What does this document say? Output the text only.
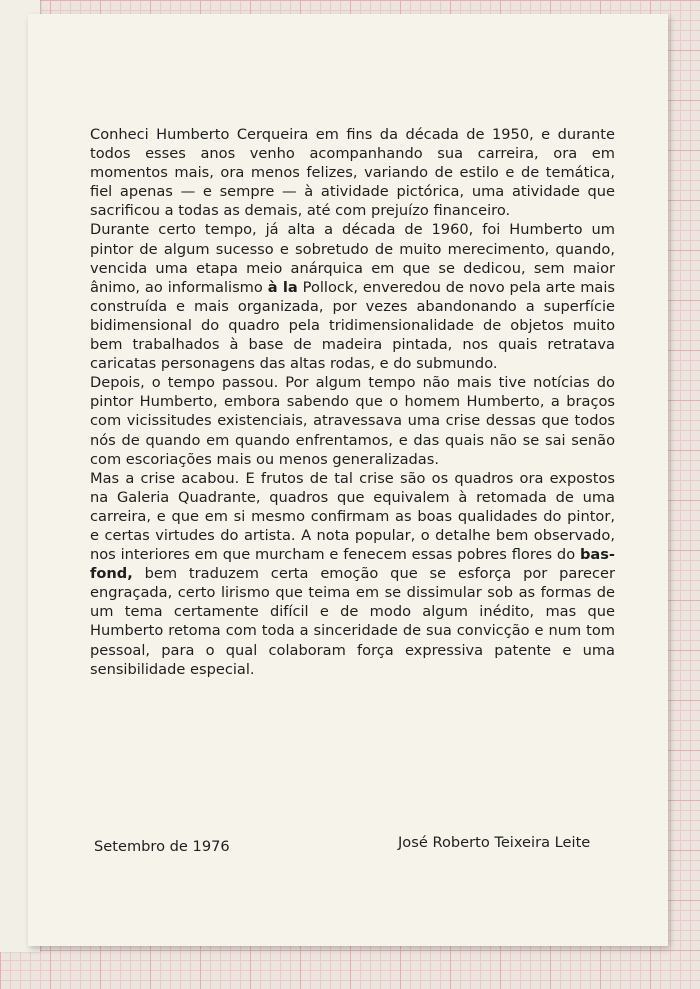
Conheci Humberto Cerqueira em fins da década de 1950, e durante todos esses anos venho acompanhando sua carreira, ora em momentos mais, ora menos felizes, variando de estilo e de temática, fiel apenas — e sempre — à atividade pictórica, uma atividade que sacrificou a todas as demais, até com prejuízo financeiro.

Durante certo tempo, já alta a década de 1960, foi Humberto um pintor de algum sucesso e sobretudo de muito merecimento, quando, vencida uma etapa meio anárquica em que se dedicou, sem maior ânimo, ao informalismo à la Pollock, enveredou de novo pela arte mais construída e mais organizada, por vezes abandonando a superfície bidimensional do quadro pela tridimensionalidade de objetos muito bem trabalhados à base de madeira pintada, nos quais retratava caricatas personagens das altas rodas, e do submundo.

Depois, o tempo passou. Por algum tempo não mais tive notícias do pintor Humberto, embora sabendo que o homem Humberto, a braços com vicissitudes existenciais, atravessava uma crise dessas que todos nós de quando em quando enfrentamos, e das quais não se sai senão com escoriações mais ou menos generalizadas.

Mas a crise acabou. E frutos de tal crise são os quadros ora expostos na Galeria Quadrante, quadros que equivalem à retomada de uma carreira, e que em si mesmo confirmam as boas qualidades do pintor, e certas virtudes do artista. A nota popular, o detalhe bem observado, nos interiores em que murcham e fenecem essas pobres flores do bas-fond, bem traduzem certa emoção que se esforça por parecer engraçada, certo lirismo que teima em se dissimular sob as formas de um tema certamente difícil e de modo algum inédito, mas que Humberto retoma com toda a sinceridade de sua convicção e num tom pessoal, para o qual colaboram força expressiva patente e uma sensibilidade especial.

Setembro de 1976	José Roberto Teixeira Leite
